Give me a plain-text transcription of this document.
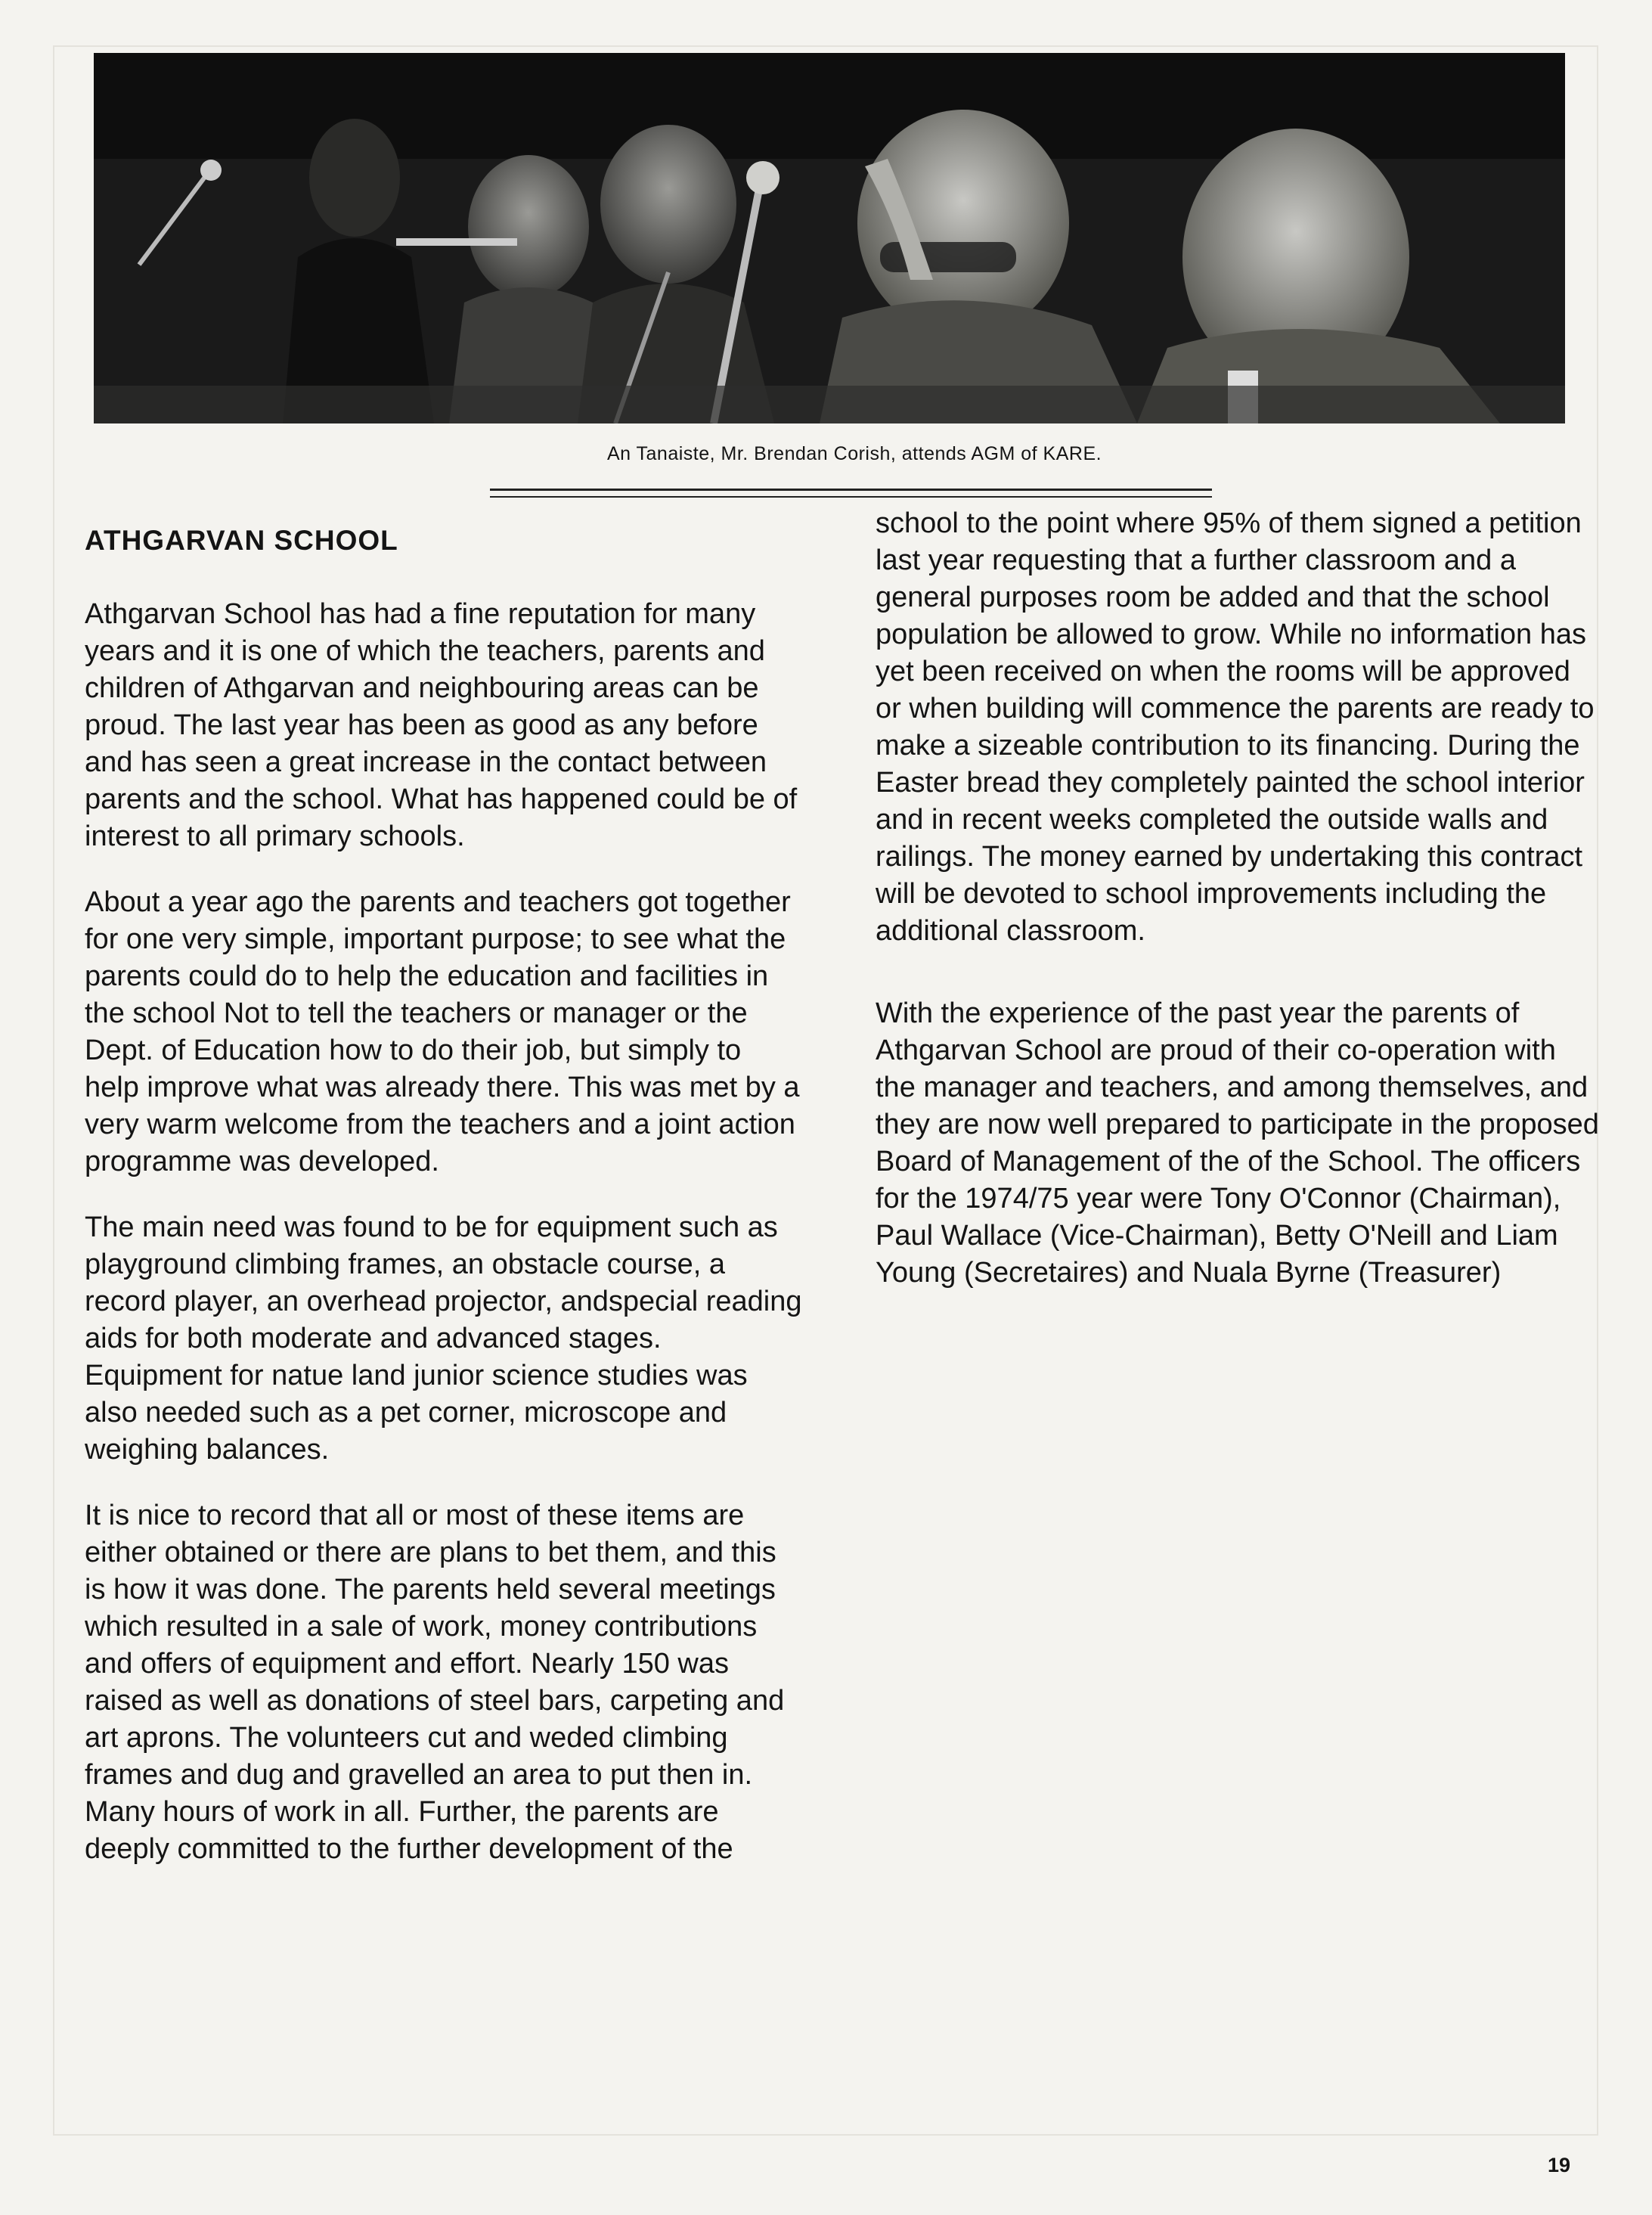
An Tanaiste, Mr. Brendan Corish, attends AGM of KARE.
ATHGARVAN SCHOOL

Athgarvan School has had a fine reputation for many years and it is one of which the teachers, parents and children of Athgarvan and neighbouring areas can be proud. The last year has been as good as any before and has seen a great increase in the contact between parents and the school. What has happened could be of interest to all primary schools.

About a year ago the parents and teachers got together for one very simple, important purpose; to see what the parents could do to help the education and facilities in the school Not to tell the teachers or manager or the Dept. of Education how to do their job, but simply to help improve what was already there. This was met by a very warm welcome from the teachers and a joint action programme was developed.

The main need was found to be for equipment such as playground climbing frames, an obstacle course, a record player, an overhead projector, andspecial reading aids for both moderate and advanced stages. Equipment for natue land junior science studies was also needed such as a pet corner, microscope and weighing balances.

It is nice to record that all or most of these items are either obtained or there are plans to bet them, and this is how it was done. The parents held several meetings which resulted in a sale of work, money contributions and offers of equipment and effort. Nearly 150 was raised as well as donations of steel bars, carpeting and art aprons. The volunteers cut and weded climbing frames and dug and gravelled an area to put then in. Many hours of work in all. Further, the parents are deeply committed to the further development of the

school to the point where 95% of them signed a petition last year requesting that a further classroom and a general purposes room be added and that the school population be allowed to grow. While no information has yet been received on when the rooms will be approved or when building will commence the parents are ready to make a sizeable contribution to its financing. During the Easter bread they completely painted the school interior and in recent weeks completed the outside walls and railings. The money earned by undertaking this contract will be devoted to school improvements including the additional classroom.

With the experience of the past year the parents of Athgarvan School are proud of their co-operation with the manager and teachers, and among themselves, and they are now well prepared to participate in the proposed Board of Management of the of the School. The officers for the 1974/75 year were Tony O'Connor (Chairman), Paul Wallace (Vice-Chairman), Betty O'Neill and Liam Young (Secretaires) and Nuala Byrne (Treasurer)

19
